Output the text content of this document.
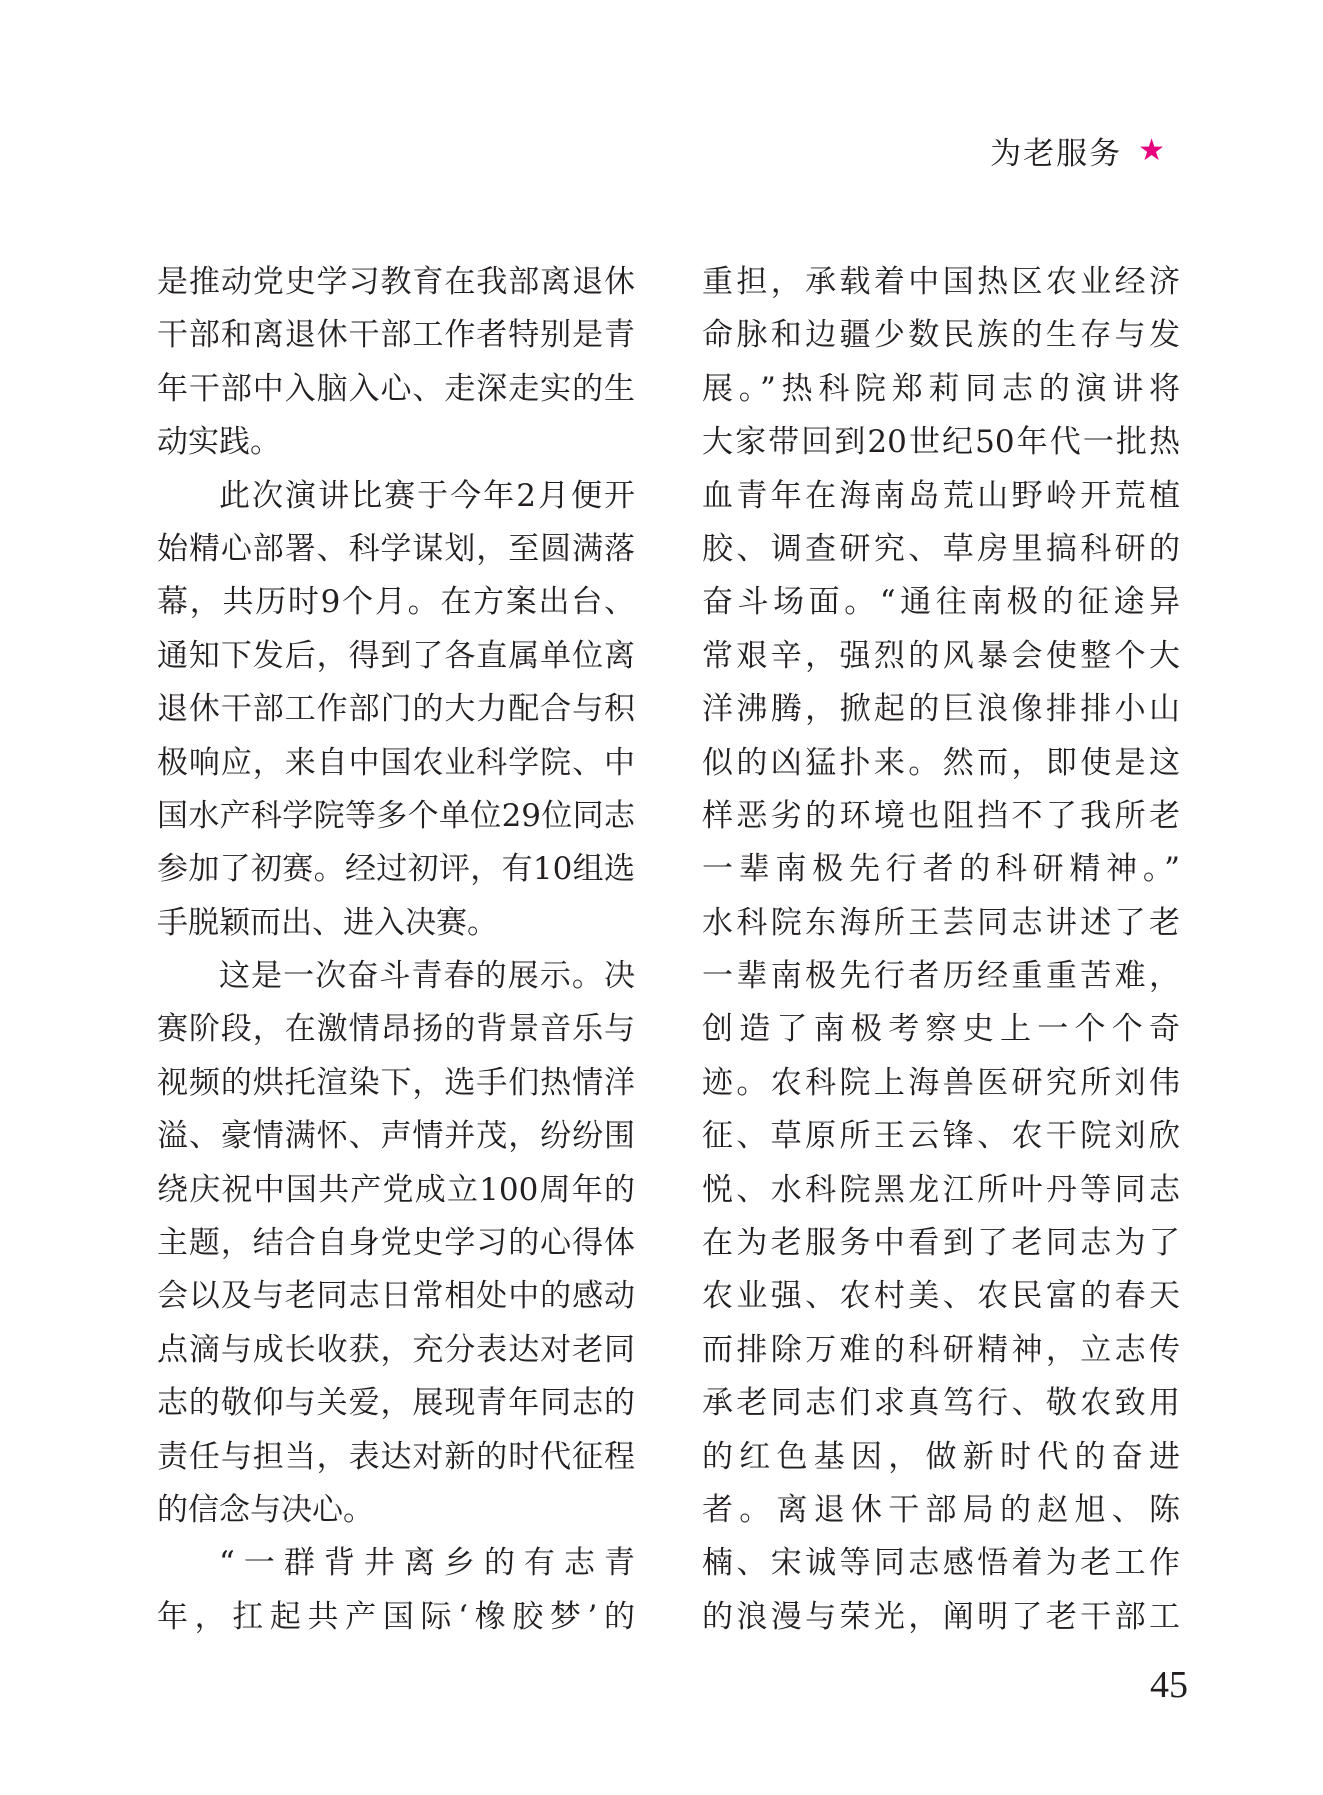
为老服务 ★
是推动党史学习教育在我部离退休
干部和离退休干部工作者特别是青
年干部中入脑入心、走深走实的生
动实践。
此次演讲比赛于今年2月便开
始精心部署、科学谋划，至圆满落
幕，共历时9个月。在方案出台、
通知下发后，得到了各直属单位离
退休干部工作部门的大力配合与积
极响应，来自中国农业科学院、中
国水产科学院等多个单位29位同志
参加了初赛。经过初评，有10组选
手脱颖而出、进入决赛。
这是一次奋斗青春的展示。决
赛阶段，在激情昂扬的背景音乐与
视频的烘托渲染下，选手们热情洋
溢、豪情满怀、声情并茂，纷纷围
绕庆祝中国共产党成立100周年的
主题，结合自身党史学习的心得体
会以及与老同志日常相处中的感动
点滴与成长收获，充分表达对老同
志的敬仰与关爱，展现青年同志的
责任与担当，表达对新的时代征程
的信念与决心。
“一群背井离乡的有志青
年，扛起共产国际‘橡胶梦’的
重担，承载着中国热区农业经济
命脉和边疆少数民族的生存与发
展。”热科院郑莉同志的演讲将
大家带回到20世纪50年代一批热
血青年在海南岛荒山野岭开荒植
胶、调查研究、草房里搞科研的
奋斗场面。“通往南极的征途异
常艰辛，强烈的风暴会使整个大
洋沸腾，掀起的巨浪像排排小山
似的凶猛扑来。然而，即使是这
样恶劣的环境也阻挡不了我所老
一辈南极先行者的科研精神。”
水科院东海所王芸同志讲述了老
一辈南极先行者历经重重苦难，
创造了南极考察史上一个个奇
迹。农科院上海兽医研究所刘伟
征、草原所王云锋、农干院刘欣
悦、水科院黑龙江所叶丹等同志
在为老服务中看到了老同志为了
农业强、农村美、农民富的春天
而排除万难的科研精神，立志传
承老同志们求真笃行、敬农致用
的红色基因，做新时代的奋进
者。离退休干部局的赵旭、陈
楠、宋诚等同志感悟着为老工作
的浪漫与荣光，阐明了老干部工
45
